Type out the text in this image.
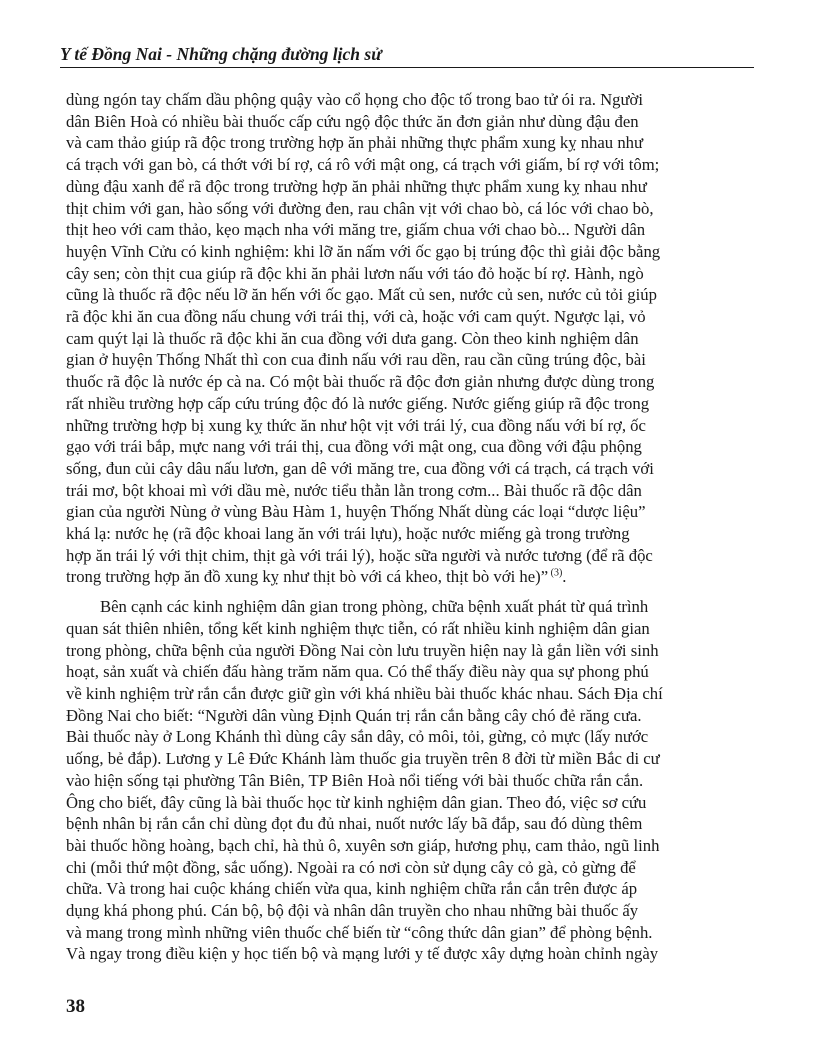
Y tế Đồng Nai - Những chặng đường lịch sử

dùng ngón tay chấm dầu phộng quậy vào cổ họng cho độc tố trong bao tử ói ra. Người
dân Biên Hoà có nhiều bài thuốc cấp cứu ngộ độc thức ăn đơn giản như dùng đậu đen
và cam thảo giúp rã độc trong trường hợp ăn phải những thực phẩm xung kỵ nhau như
cá trạch với gan bò, cá thớt với bí rợ, cá rô với mật ong, cá trạch với giấm, bí rợ với tôm;
dùng đậu xanh để rã độc trong trường hợp ăn phải những thực phẩm xung kỵ nhau như
thịt chim với gan, hào sống với đường đen, rau chân vịt với chao bò, cá lóc với chao bò,
thịt heo với cam thảo, kẹo mạch nha với măng tre, giấm chua với chao bò... Người dân
huyện Vĩnh Cửu có kinh nghiệm: khi lỡ ăn nấm với ốc gạo bị trúng độc thì giải độc bằng
cây sen; còn thịt cua giúp rã độc khi ăn phải lươn nấu với táo đỏ hoặc bí rợ. Hành, ngò
cũng là thuốc rã độc nếu lỡ ăn hến với ốc gạo. Mất củ sen, nước củ sen, nước củ tỏi giúp
rã độc khi ăn cua đồng nấu chung với trái thị, với cà, hoặc với cam quýt. Ngược lại, vỏ
cam quýt lại là thuốc rã độc khi ăn cua đồng với dưa gang. Còn theo kinh nghiệm dân
gian ở huyện Thống Nhất thì con cua đinh nấu với rau dền, rau cần cũng trúng độc, bài
thuốc rã độc là nước ép cà na. Có một bài thuốc rã độc đơn giản nhưng được dùng trong
rất nhiều trường hợp cấp cứu trúng độc đó là nước giếng. Nước giếng giúp rã độc trong
những trường hợp bị xung kỵ thức ăn như hột vịt với trái lý, cua đồng nấu với bí rợ, ốc
gạo với trái bắp, mực nang với trái thị, cua đồng với mật ong, cua đồng với đậu phộng
sống, đun củi cây dâu nấu lươn, gan dê với măng tre, cua đồng với cá trạch, cá trạch với
trái mơ, bột khoai mì với dầu mè, nước tiểu thằn lằn trong cơm... Bài thuốc rã độc dân
gian của người Nùng ở vùng Bàu Hàm 1, huyện Thống Nhất dùng các loại “dược liệu”
khá lạ: nước hẹ (rã độc khoai lang ăn với trái lựu), hoặc nước miếng gà trong trường
hợp ăn trái lý với thịt chim, thịt gà với trái lý), hoặc sữa người và nước tương (để rã độc
trong trường hợp ăn đồ xung kỵ như thịt bò với cá kheo, thịt bò với he)” $^{(3)}$.

Bên cạnh các kinh nghiệm dân gian trong phòng, chữa bệnh xuất phát từ quá trình
quan sát thiên nhiên, tổng kết kinh nghiệm thực tiễn, có rất nhiều kinh nghiệm dân gian
trong phòng, chữa bệnh của người Đồng Nai còn lưu truyền hiện nay là gắn liền với sinh
hoạt, sản xuất và chiến đấu hàng trăm năm qua. Có thể thấy điều này qua sự phong phú
về kinh nghiệm trừ rắn cắn được giữ gìn với khá nhiều bài thuốc khác nhau. Sách Địa chí
Đồng Nai cho biết: “Người dân vùng Định Quán trị rắn cắn bằng cây chó đẻ răng cưa.
Bài thuốc này ở Long Khánh thì dùng cây sắn dây, cỏ môi, tỏi, gừng, cỏ mực (lấy nước
uống, bẻ đắp). Lương y Lê Đức Khánh làm thuốc gia truyền trên 8 đời từ miền Bắc di cư
vào hiện sống tại phường Tân Biên, TP Biên Hoà nổi tiếng với bài thuốc chữa rắn cắn.
Ông cho biết, đây cũng là bài thuốc học từ kinh nghiệm dân gian. Theo đó, việc sơ cứu
bệnh nhân bị rắn cắn chỉ dùng đọt đu đủ nhai, nuốt nước lấy bã đắp, sau đó dùng thêm
bài thuốc hồng hoàng, bạch chỉ, hà thủ ô, xuyên sơn giáp, hương phụ, cam thảo, ngũ linh
chi (mỗi thứ một đồng, sắc uống). Ngoài ra có nơi còn sử dụng cây cỏ gà, cỏ gừng để
chữa. Và trong hai cuộc kháng chiến vừa qua, kinh nghiệm chữa rắn cắn trên được áp
dụng khá phong phú. Cán bộ, bộ đội và nhân dân truyền cho nhau những bài thuốc ấy
và mang trong mình những viên thuốc chế biến từ “công thức dân gian” để phòng bệnh.
Và ngay trong điều kiện y học tiến bộ và mạng lưới y tế được xây dựng hoàn chỉnh ngày

38
